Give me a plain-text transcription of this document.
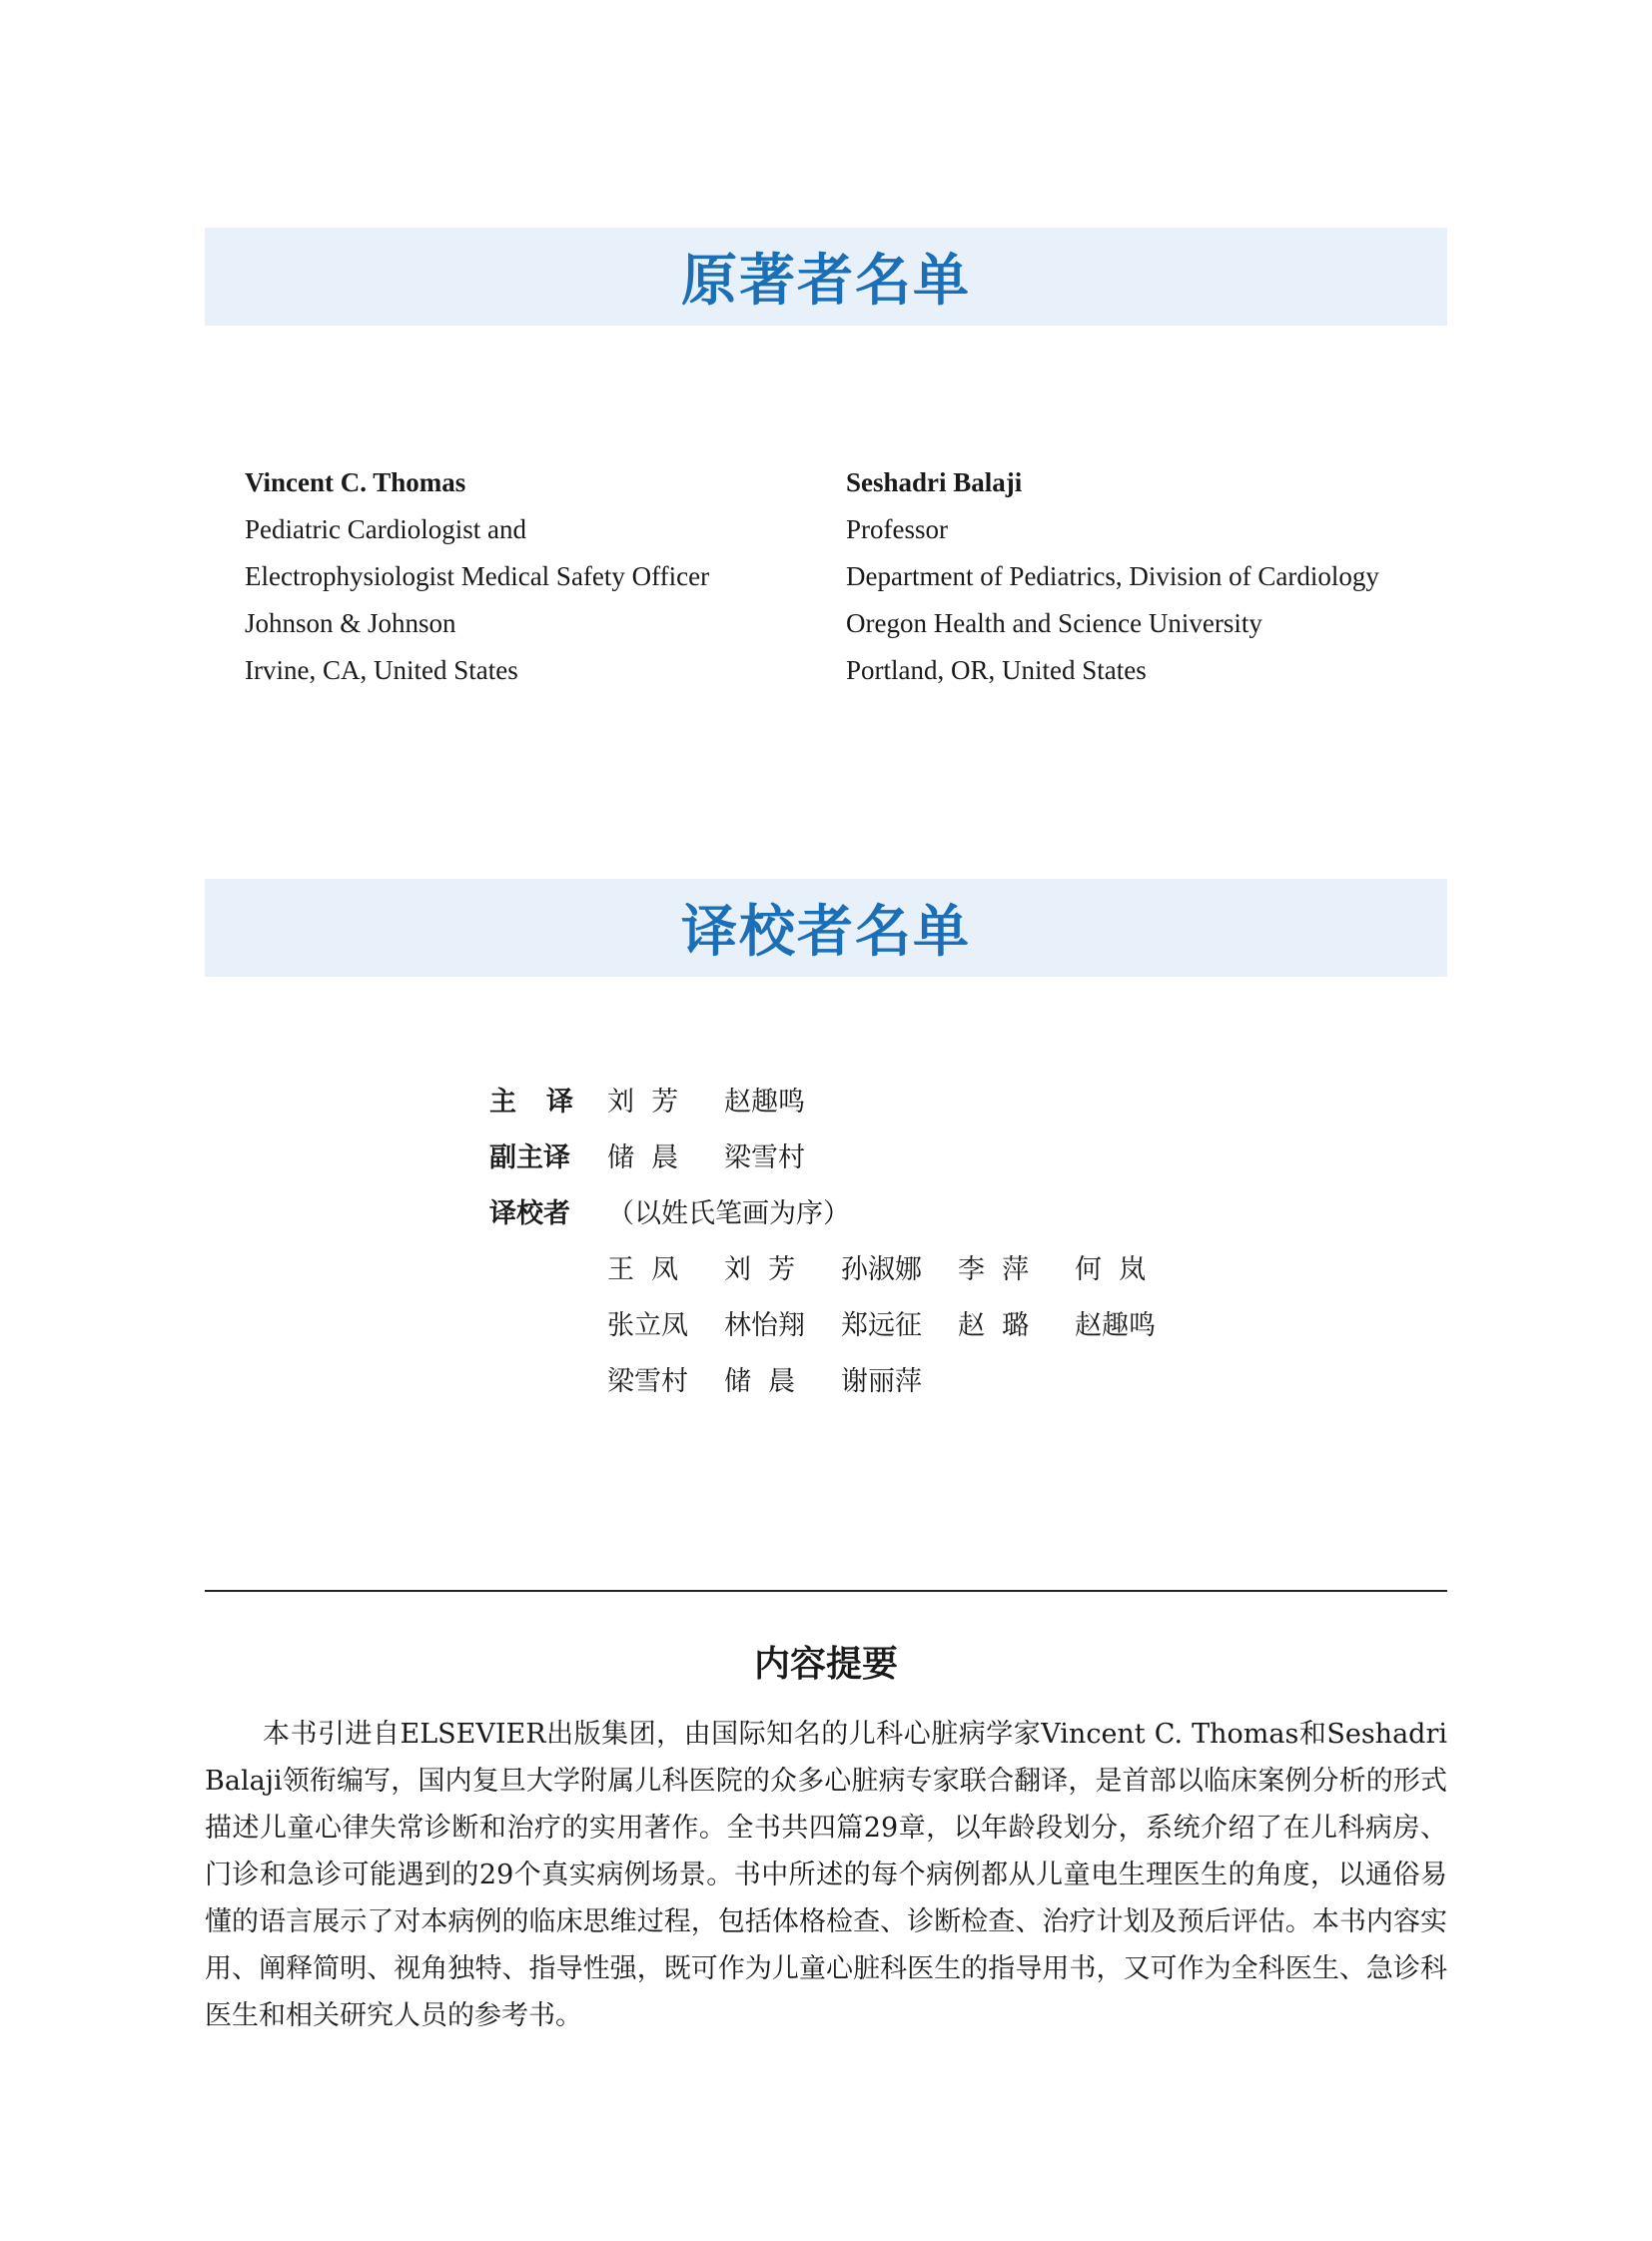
原著者名单
Vincent C. Thomas
Pediatric Cardiologist and
Electrophysiologist Medical Safety Officer
Johnson & Johnson
Irvine, CA, United States
Seshadri Balaji
Professor
Department of Pediatrics, Division of Cardiology
Oregon Health and Science University
Portland, OR, United States
译校者名单
主译 刘  芳	赵趣鸣
副主译	储  晨	梁雪村
译校者	（以姓氏笔画为序）
王  凤	刘  芳	孙淑娜	李  萍	何  岚
张立凤	林怡翔	郑远征	赵  璐	赵趣鸣
梁雪村	储  晨	谢丽萍
内容提要
本书引进自ELSEVIER出版集团，由国际知名的儿科心脏病学家Vincent C. Thomas和Seshadri Balaji领衔编写，国内复旦大学附属儿科医院的众多心脏病专家联合翻译，是首部以临床案例分析的形式描述儿童心律失常诊断和治疗的实用著作。全书共四篇29章，以年龄段划分，系统介绍了在儿科病房、门诊和急诊可能遇到的29个真实病例场景。书中所述的每个病例都从儿童电生理医生的角度，以通俗易懂的语言展示了对本病例的临床思维过程，包括体格检查、诊断检查、治疗计划及预后评估。本书内容实用、阐释简明、视角独特、指导性强，既可作为儿童心脏科医生的指导用书，又可作为全科医生、急诊科医生和相关研究人员的参考书。
